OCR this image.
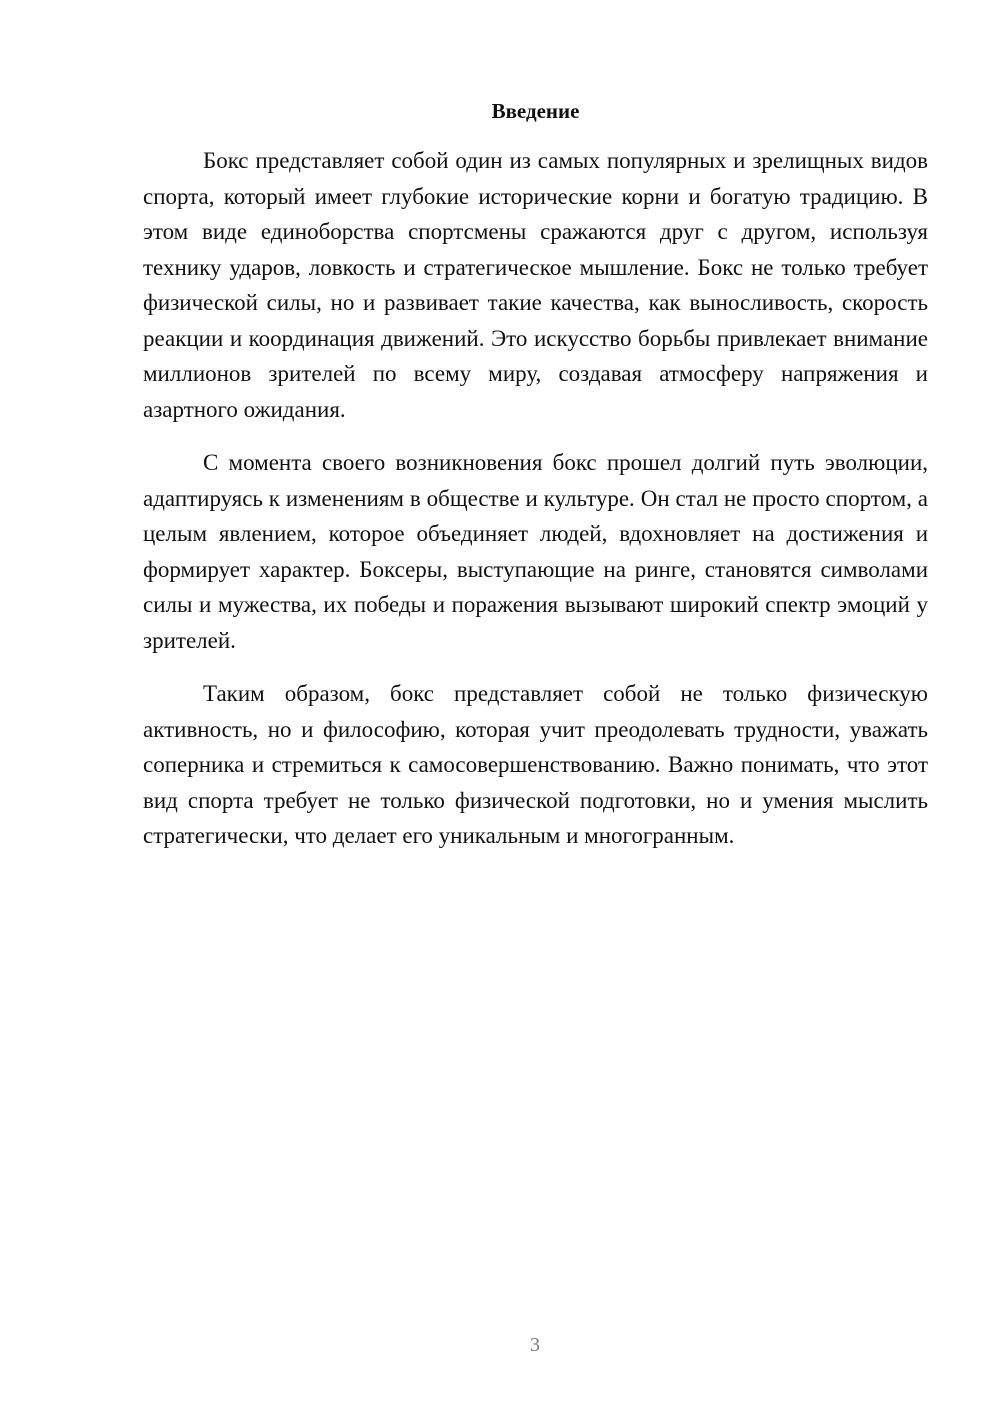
Введение

Бокс представляет собой один из самых популярных и зрелищных видов спорта, который имеет глубокие исторические корни и богатую традицию. В этом виде единоборства спортсмены сражаются друг с другом, используя технику ударов, ловкость и стратегическое мышление. Бокс не только требует физической силы, но и развивает такие качества, как выносливость, скорость реакции и координация движений. Это искусство борьбы привлекает внимание миллионов зрителей по всему миру, создавая атмосферу напряжения и азартного ожидания.

С момента своего возникновения бокс прошел долгий путь эволюции, адаптируясь к изменениям в обществе и культуре. Он стал не просто спортом, а целым явлением, которое объединяет людей, вдохновляет на достижения и формирует характер. Боксеры, выступающие на ринге, становятся символами силы и мужества, их победы и поражения вызывают широкий спектр эмоций у зрителей.

Таким образом, бокс представляет собой не только физическую активность, но и философию, которая учит преодолевать трудности, уважать соперника и стремиться к самосовершенствованию. Важно понимать, что этот вид спорта требует не только физической подготовки, но и умения мыслить стратегически, что делает его уникальным и многогранным.

3
